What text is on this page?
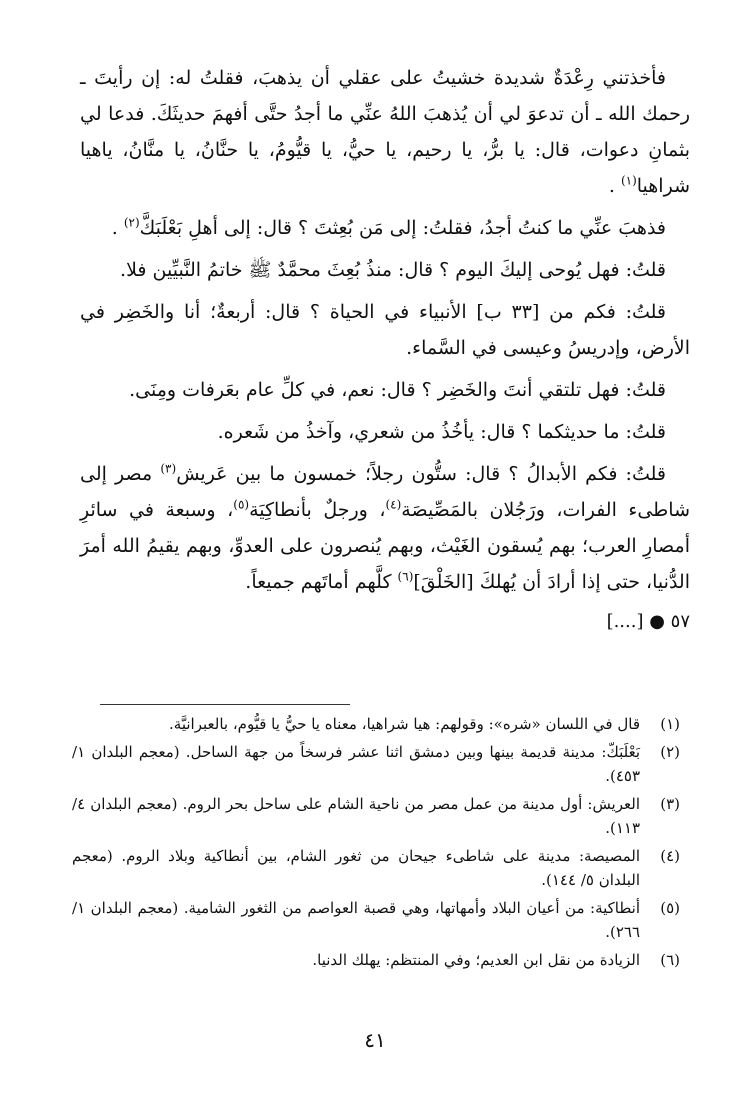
فأخذتني رِعْدَةٌ شديدة خشيتُ على عقلي أن يذهبَ، فقلتُ له: إن رأيتَ ـ رحمك الله ـ أن تدعوَ لي أن يُذهبَ اللهُ عنِّي ما أجدُ حتَّى أفهمَ حديثَكَ. فدعا لي بثمانِ دعوات، قال: يا برُّ، يا رحيم، يا حيُّ، يا قيُّومُ، يا حنَّانُ، يا منَّانُ، ياهيا شراهيا$^{(١)}$ .

فذهبَ عنِّي ما كنتُ أجدُ، فقلتُ: إلى مَن بُعِثتَ ؟ قال: إلى أهلِ بَعْلَبَكَّ$^{(٢)}$ .

قلتُ: فهل يُوحى إليكَ اليوم ؟ قال: منذُ بُعِثَ محمَّدٌ ﷺ خاتمُ النَّبيِّين فلا.

قلتُ: فكم من [٣٣ ب] الأنبياء في الحياة ؟ قال: أربعةٌ؛ أنا والخَضِر في الأرض، وإدريسُ وعيسى في السَّماء.

قلتُ: فهل تلتقي أنتَ والخَضِر ؟ قال: نعم، في كلِّ عام بعَرفات ومِنَى.

قلتُ: ما حديثكما ؟ قال: يأخُذُ من شعري، وآخذُ من شَعره.

قلتُ: فكم الأبدالُ ؟ قال: ستُّون رجلاً؛ خمسون ما بين عَريش$^{(٣)}$ مصر إلى شاطىء الفرات، ورَجُلان بالمَصِّيصَة$^{(٤)}$، ورجلٌ بأنطاكِيَة$^{(٥)}$، وسبعة في سائرِ أمصارِ العرب؛ بهم يُسقون الغَيْث، وبهم يُنصرون على العدوِّ، وبهم يقيمُ الله أمرَ الدُّنيا، حتى إذا أرادَ أن يُهلكَ [الخَلْقَ]$^{(٦)}$ كلَّهم أماتَهم جميعاً.

٥٧ ● [....]

(١)
قال في اللسان «شره»: وقولهم: هيا شراهيا، معناه يا حيُّ يا قيُّوم، بالعبرانيَّة.
(٢)
بَعْلَبَكّ: مدينة قديمة بينها وبين دمشق اثنا عشر فرسخاً من جهة الساحل. (معجم البلدان ١/ ٤٥٣).
(٣)
العريش: أول مدينة من عمل مصر من ناحية الشام على ساحل بحر الروم. (معجم البلدان ٤/ ١١٣).
(٤)
المصيصة: مدينة على شاطىء جيحان من ثغور الشام، بين أنطاكية وبلاد الروم. (معجم البلدان ٥/ ١٤٤).
(٥)
أنطاكية: من أعيان البلاد وأمهاتها، وهي قصبة العواصم من الثغور الشامية. (معجم البلدان ١/ ٢٦٦).
(٦)
الزيادة من نقل ابن العديم؛ وفي المنتظم: يهلك الدنيا.
٤١
